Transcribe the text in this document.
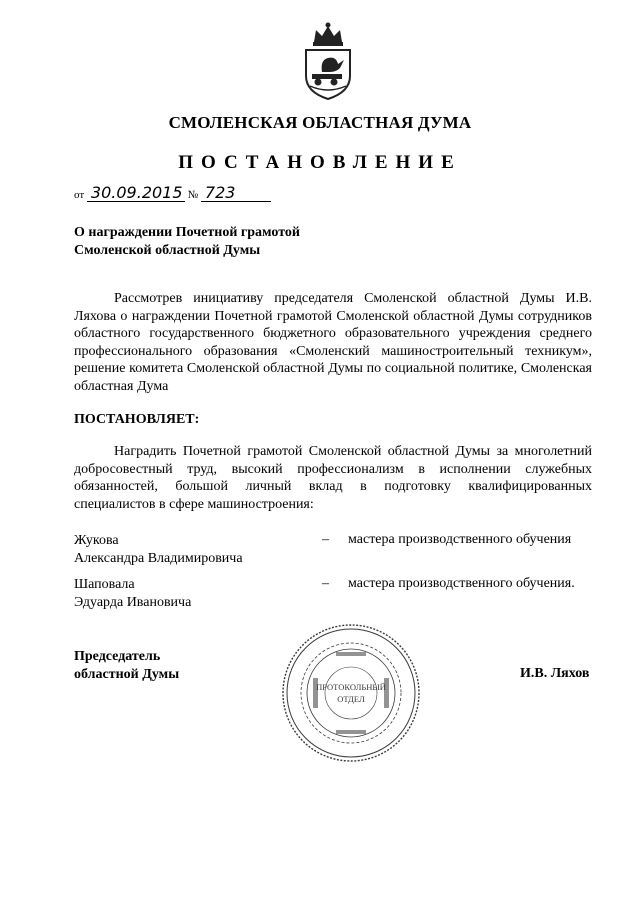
СМОЛЕНСКАЯ ОБЛАСТНАЯ ДУМА
ПОСТАНОВЛЕНИЕ
от 30.09.2015 № 723
О награждении Почетной грамотой
Смоленской областной Думы
Рассмотрев инициативу председателя Смоленской областной Думы И.В. Ляхова о награждении Почетной грамотой Смоленской областной Думы сотрудников областного государственного бюджетного образовательного учреждения среднего профессионального образования «Смоленский машиностроительный техникум», решение комитета Смоленской областной Думы по социальной политике, Смоленская областная Дума
ПОСТАНОВЛЯЕТ:
Наградить Почетной грамотой Смоленской областной Думы за многолетний добросовестный труд, высокий профессионализм в исполнении служебных обязанностей, большой личный вклад в подготовку квалифицированных специалистов в сфере машиностроения:
Жукова
Александра Владимировича
– мастера производственного обучения
Шаповала
Эдуарда Ивановича
– мастера производственного обучения.
Председатель
областной Думы	И.В. Ляхов
ПРОТОКОЛЬНЫЙ
ОТДЕЛ
